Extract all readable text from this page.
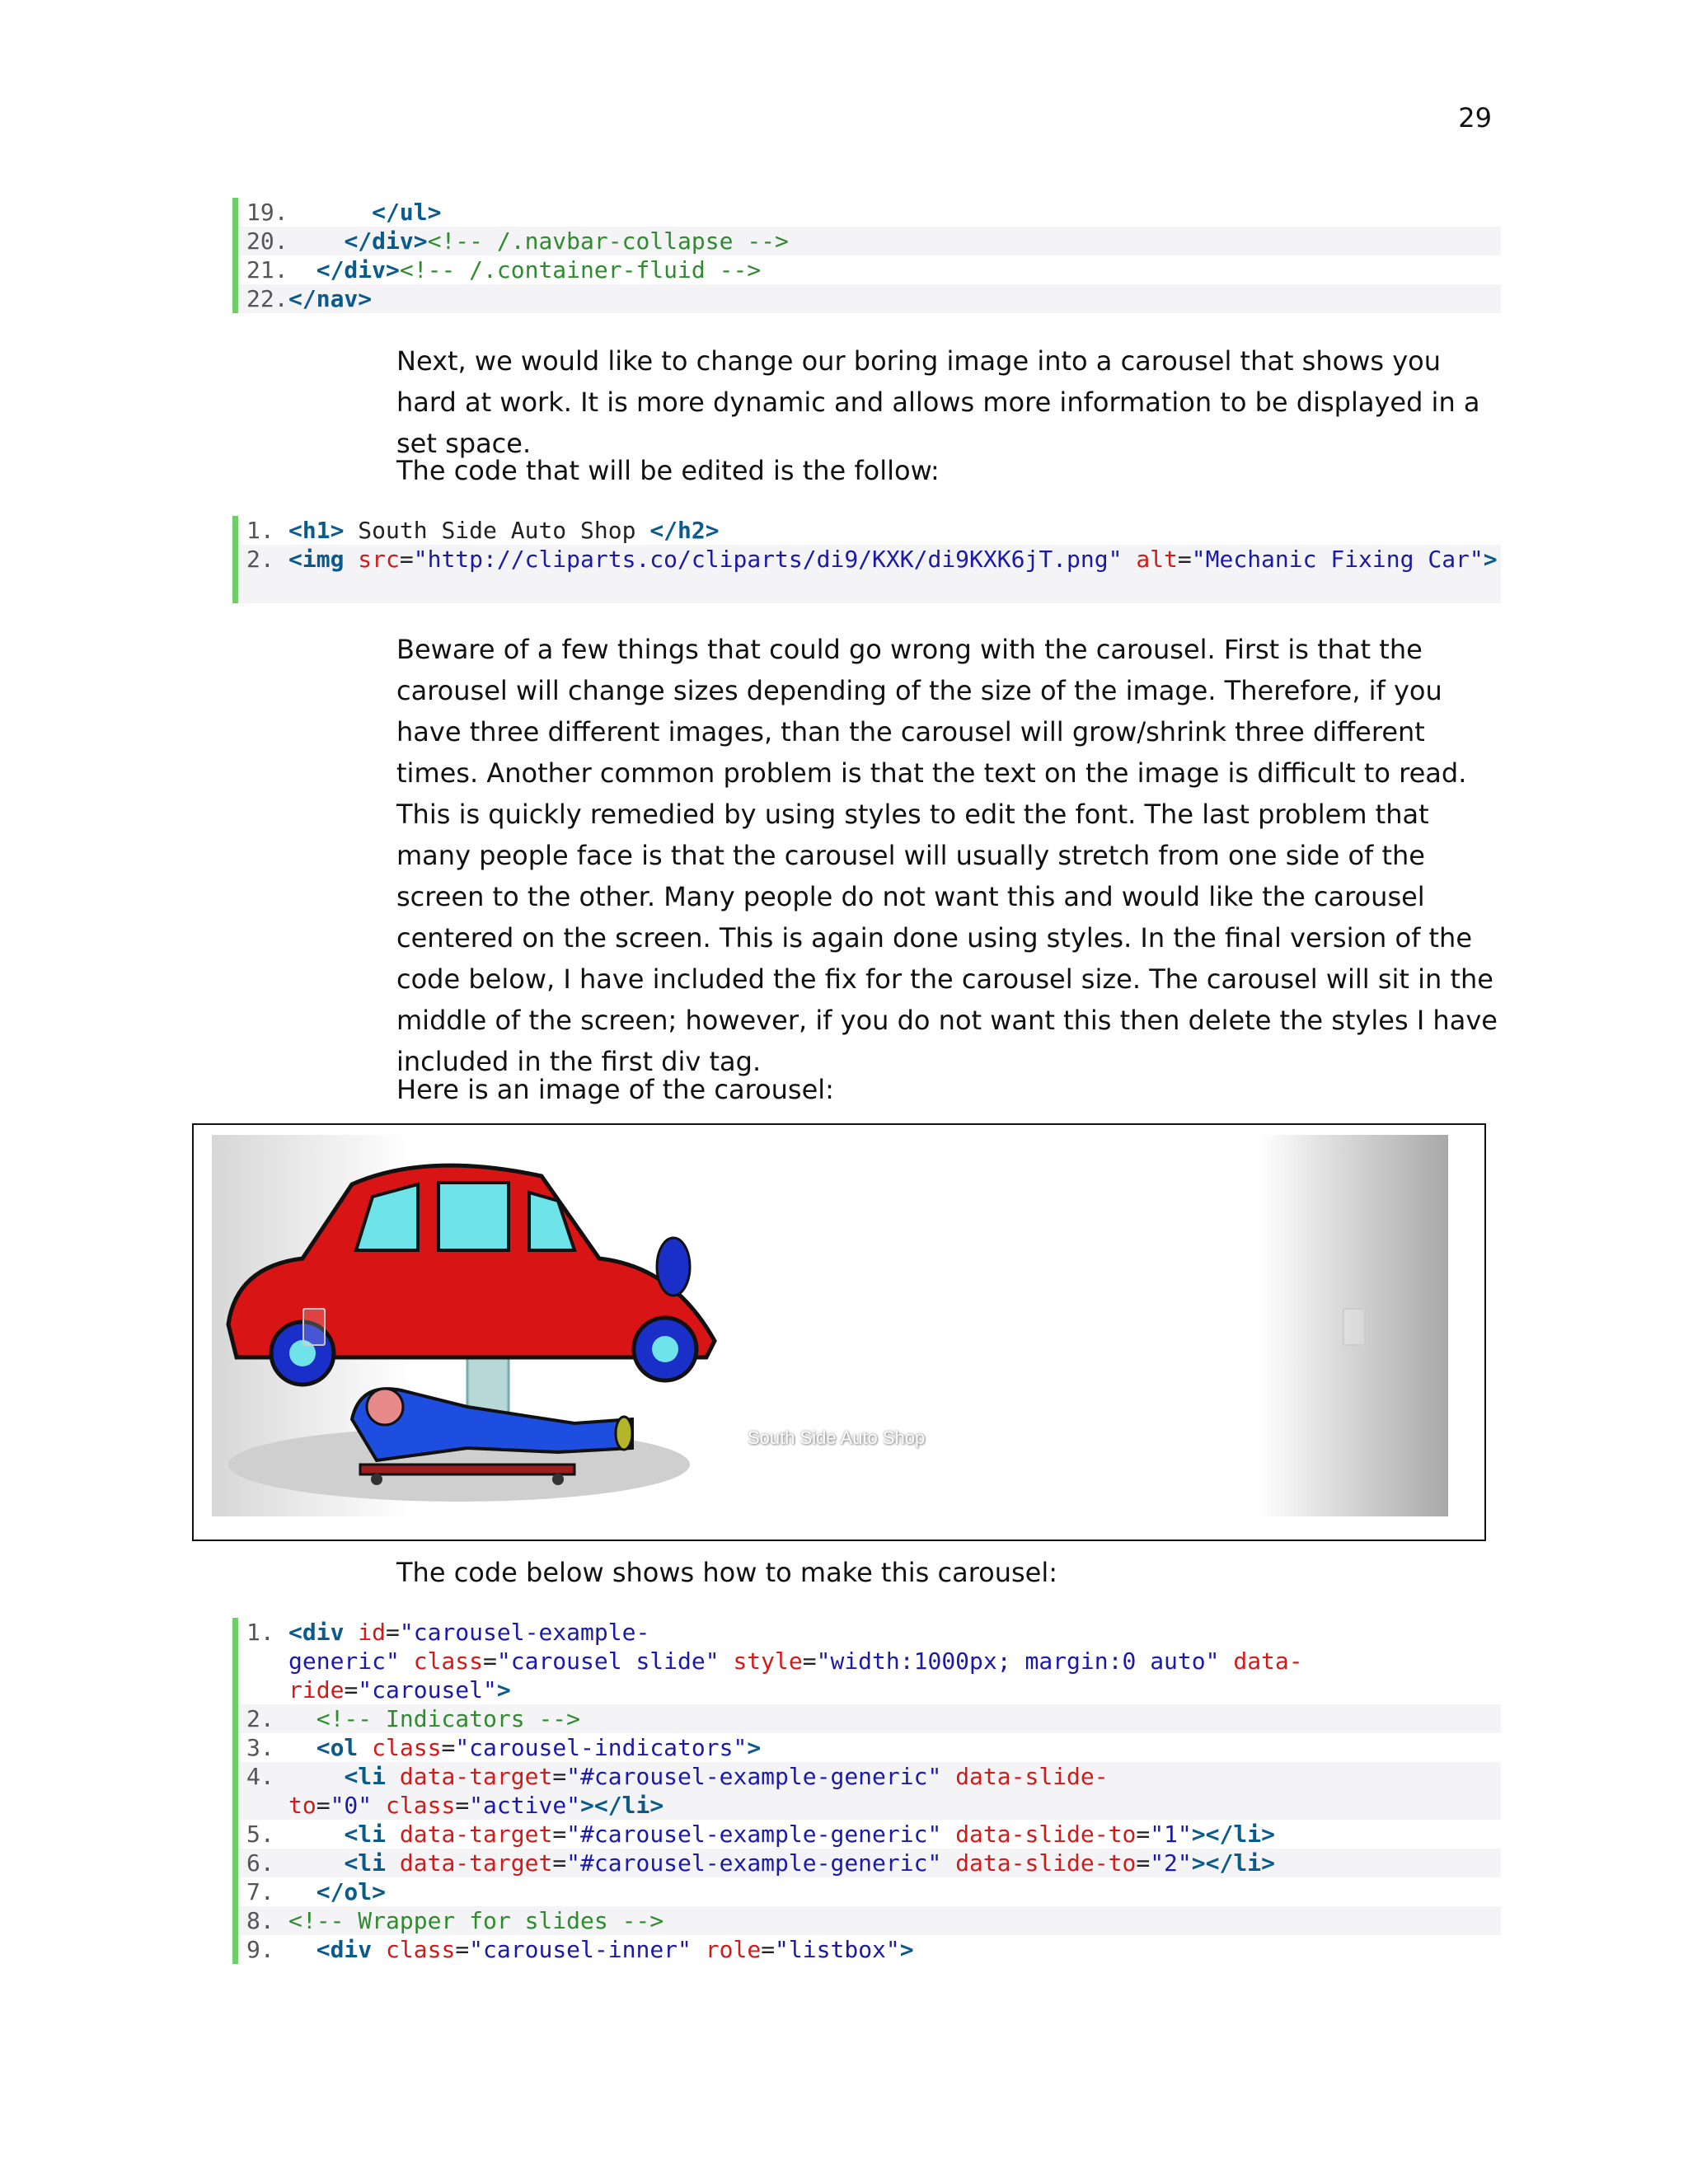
29
19.	</ul>
20.	</div><!-- /.navbar-collapse -->
21.	</div><!-- /.container-fluid -->
22. </nav>
Next, we would like to change our boring image into a carousel that shows you hard at work. It is more dynamic and allows more information to be displayed in a set space.
The code that will be edited is the follow:
1. <h1> South Side Auto Shop </h2>
2. <img src="http://cliparts.co/cliparts/di9/KXK/di9KXK6jT.png" alt="Mechanic Fixing Car">
Beware of a few things that could go wrong with the carousel. First is that the carousel will change sizes depending of the size of the image. Therefore, if you have three different images, than the carousel will grow/shrink three different times. Another common problem is that the text on the image is difficult to read. This is quickly remedied by using styles to edit the font. The last problem that many people face is that the carousel will usually stretch from one side of the screen to the other. Many people do not want this and would like the carousel centered on the screen. This is again done using styles. In the final version of the code below, I have included the fix for the carousel size. The carousel will sit in the middle of the screen; however, if you do not want this then delete the styles I have included in the first div tag.
Here is an image of the carousel:
South Side Auto Shop
The code below shows how to make this carousel:
1. <div id="carousel-example-
generic" class="carousel slide" style="width:1000px; margin:0 auto" data-
ride="carousel">
2.	<!-- Indicators -->
3.	<ol class="carousel-indicators">
4.	<li data-target="#carousel-example-generic" data-slide-
to="0" class="active"></li>
5.	<li data-target="#carousel-example-generic" data-slide-to="1"></li>
6.	<li data-target="#carousel-example-generic" data-slide-to="2"></li>
7.	</ol>
8. <!-- Wrapper for slides -->
9.	<div class="carousel-inner" role="listbox">
